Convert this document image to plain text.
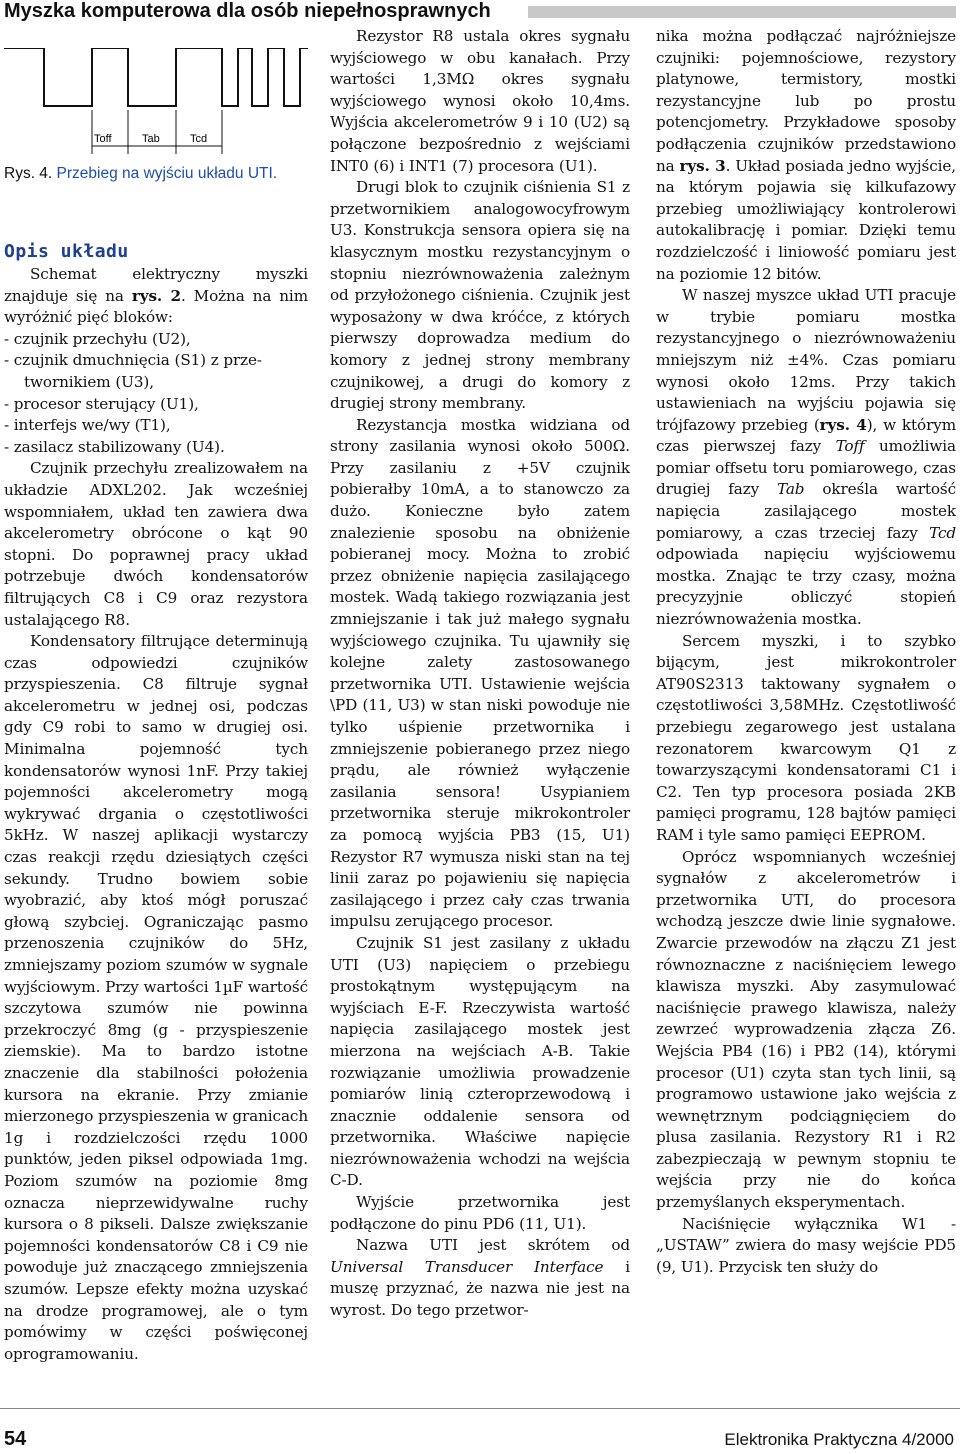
Myszka komputerowa dla osób niepełnosprawnych
Toff	Tab	Tcd
Rys. 4. Przebieg na wyjściu układu UTI.
Opis układu

Schemat elektryczny myszki znajduje się na rys. 2. Można na nim wyróżnić pięć bloków:

- czujnik przechyłu (U2),

- czujnik dmuchnięcia (S1) z prze-

twornikiem (U3),

- procesor sterujący (U1),

- interfejs we/wy (T1),

- zasilacz stabilizowany (U4).

Czujnik przechyłu zrealizowałem na układzie ADXL202. Jak wcześniej wspomniałem, układ ten zawiera dwa akcelerometry obrócone o kąt 90 stopni. Do poprawnej pracy układ potrzebuje dwóch kondensatorów filtrujących C8 i C9 oraz rezystora ustalającego R8.

Kondensatory filtrujące determinują czas odpowiedzi czujników przyspieszenia. C8 filtruje sygnał akcelerometru w jednej osi, podczas gdy C9 robi to samo w drugiej osi. Minimalna pojemność tych kondensatorów wynosi 1nF. Przy takiej pojemności akcelerometry mogą wykrywać drgania o częstotliwości 5kHz. W naszej aplikacji wystarczy czas reakcji rzędu dziesiątych części sekundy. Trudno bowiem sobie wyobrazić, aby ktoś mógł poruszać głową szybciej. Ograniczając pasmo przenoszenia czujników do 5Hz, zmniejszamy poziom szumów w sygnale wyjściowym. Przy wartości 1µF wartość szczytowa szumów nie powinna przekroczyć 8mg (g - przyspieszenie ziemskie). Ma to bardzo istotne znaczenie dla stabilności położenia kursora na ekranie. Przy zmianie mierzonego przyspieszenia w granicach 1g i rozdzielczości rzędu 1000 punktów, jeden piksel odpowiada 1mg. Poziom szumów na poziomie 8mg oznacza nieprzewidywalne ruchy kursora o 8 pikseli. Dalsze zwiększanie pojemności kondensatorów C8 i C9 nie powoduje już znaczącego zmniejszenia szumów. Lepsze efekty można uzyskać na drodze programowej, ale o tym pomówimy w części poświęconej oprogramowaniu.

Rezystor R8 ustala okres sygnału wyjściowego w obu kanałach. Przy wartości 1,3MΩ okres sygnału wyjściowego wynosi około 10,4ms. Wyjścia akcelerometrów 9 i 10 (U2) są połączone bezpośrednio z wejściami INT0 (6) i INT1 (7) procesora (U1).

Drugi blok to czujnik ciśnienia S1 z przetwornikiem analogowocyfrowym U3. Konstrukcja sensora opiera się na klasycznym mostku rezystancyjnym o stopniu niezrównoważenia zależnym od przyłożonego ciśnienia. Czujnik jest wyposażony w dwa króćce, z których pierwszy doprowadza medium do komory z jednej strony membrany czujnikowej, a drugi do komory z drugiej strony membrany.

Rezystancja mostka widziana od strony zasilania wynosi około 500Ω. Przy zasilaniu z +5V czujnik pobierałby 10mA, a to stanowczo za dużo. Konieczne było zatem znalezienie sposobu na obniżenie pobieranej mocy. Można to zrobić przez obniżenie napięcia zasilającego mostek. Wadą takiego rozwiązania jest zmniejszanie i tak już małego sygnału wyjściowego czujnika. Tu ujawniły się kolejne zalety zastosowanego przetwornika UTI. Ustawienie wejścia \PD (11, U3) w stan niski powoduje nie tylko uśpienie przetwornika i zmniejszenie pobieranego przez niego prądu, ale również wyłączenie zasilania sensora! Usypianiem przetwornika steruje mikrokontroler za pomocą wyjścia PB3 (15, U1) Rezystor R7 wymusza niski stan na tej linii zaraz po pojawieniu się napięcia zasilającego i przez cały czas trwania impulsu zerującego procesor.

Czujnik S1 jest zasilany z układu UTI (U3) napięciem o przebiegu prostokątnym występującym na wyjściach E-F. Rzeczywista wartość napięcia zasilającego mostek jest mierzona na wejściach A-B. Takie rozwiązanie umożliwia prowadzenie pomiarów linią czteroprzewodową i znacznie oddalenie sensora od przetwornika. Właściwe napięcie niezrównoważenia wchodzi na wejścia C-D.

Wyjście przetwornika jest podłączone do pinu PD6 (11, U1).

Nazwa UTI jest skrótem od Universal Transducer Interface i muszę przyznać, że nazwa nie jest na wyrost. Do tego przetwor-

nika można podłączać najróżniejsze czujniki: pojemnościowe, rezystory platynowe, termistory, mostki rezystancyjne lub po prostu potencjometry. Przykładowe sposoby podłączenia czujników przedstawiono na rys. 3. Układ posiada jedno wyjście, na którym pojawia się kilkufazowy przebieg umożliwiający kontrolerowi autokalibrację i pomiar. Dzięki temu rozdzielczość i liniowość pomiaru jest na poziomie 12 bitów.

W naszej myszce układ UTI pracuje w trybie pomiaru mostka rezystancyjnego o niezrównoważeniu mniejszym niż ±4%. Czas pomiaru wynosi około 12ms. Przy takich ustawieniach na wyjściu pojawia się trójfazowy przebieg (rys. 4), w którym czas pierwszej fazy Toff umożliwia pomiar offsetu toru pomiarowego, czas drugiej fazy Tab określa wartość napięcia zasilającego mostek pomiarowy, a czas trzeciej fazy Tcd odpowiada napięciu wyjściowemu mostka. Znając te trzy czasy, można precyzyjnie obliczyć stopień niezrównoważenia mostka.

Sercem myszki, i to szybko bijącym, jest mikrokontroler AT90S2313 taktowany sygnałem o częstotliwości 3,58MHz. Częstotliwość przebiegu zegarowego jest ustalana rezonatorem kwarcowym Q1 z towarzyszącymi kondensatorami C1 i C2. Ten typ procesora posiada 2KB pamięci programu, 128 bajtów pamięci RAM i tyle samo pamięci EEPROM.

Oprócz wspomnianych wcześniej sygnałów z akcelerometrów i przetwornika UTI, do procesora wchodzą jeszcze dwie linie sygnałowe. Zwarcie przewodów na złączu Z1 jest równoznaczne z naciśnięciem lewego klawisza myszki. Aby zasymulować naciśnięcie prawego klawisza, należy zewrzeć wyprowadzenia złącza Z6. Wejścia PB4 (16) i PB2 (14), którymi procesor (U1) czyta stan tych linii, są programowo ustawione jako wejścia z wewnętrznym podciągnięciem do plusa zasilania. Rezystory R1 i R2 zabezpieczają w pewnym stopniu te wejścia przy nie do końca przemyślanych eksperymentach.

Naciśnięcie wyłącznika W1 - „USTAW” zwiera do masy wejście PD5 (9, U1). Przycisk ten służy do

54	Elektronika Praktyczna 4/2000
